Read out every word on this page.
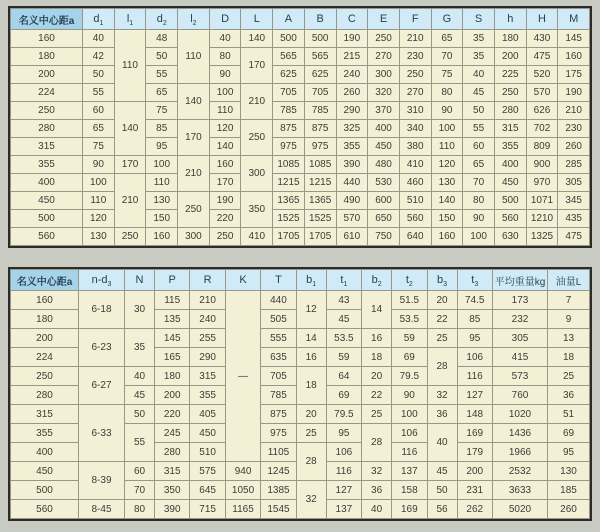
名义中心距a	$d_1$	$l_1$	$d_2$	$l_2$	D	L	A	B	C	E	F	G	S	h	H	M
160	40	110	48	110	40	140	500	500	190	250	210	65	35	180	430	145
180	42		50		80	170	565	565	215	270	230	70	35	200	475	160
200	50		55		90		625	625	240	300	250	75	40	225	520	175
224	55		65	140	100	210	705	705	260	320	270	80	45	250	570	190
250	60	140	75		110		785	785	290	370	310	90	50	280	626	210
280	65		85	170	120	250	875	875	325	400	340	100	55	315	702	230
315	75		95		140		975	975	355	450	380	110	60	355	809	260
355	90	170	100	210	160	300	1085	1085	390	480	410	120	65	400	900	285
400	100	210	110		170		1215	1215	440	530	460	130	70	450	970	305
450	110		130	250	190	350	1365	1365	490	600	510	140	80	500	1071	345
500	120		150		220		1525	1525	570	650	560	150	90	560	1210	435
560	130	250	160	300	250	410	1705	1705	610	750	640	160	100	630	1325	475
名义中心距a	$n-d_3$	N	P	R	K	T	$b_1$	$t_1$	$b_2$	$t_2$	$b_3$	$t_3$	平均重量kg	油量L
160	6-18	30	115	210	—	440	12	43	14	51.5	20	74.5	173	7
180			135	240		505		45		53.5	22	85	232	9
200	6-23	35	145	255		555	14	53.5	16	59	25	95	305	13
224			165	290		635	16	59	18	69	28	106	415	18
250	6-27	40	180	315		705	18	64	20	79.5		116	573	25
280		45	200	355		785		69	22	90	32	127	760	36
315	6-33	50	220	405		875	20	79.5	25	100	36	148	1020	51
355		55	245	450		975	25	95	28	106	40	169	1436	69
400			280	510		1105	28	106		116		179	1966	95
450	8-39	60	315	575	940	1245		116	32	137	45	200	2532	130
500		70	350	645	1050	1385	32	127	36	158	50	231	3633	185
560	8-45	80	390	715	1165	1545		137	40	169	56	262	5020	260
